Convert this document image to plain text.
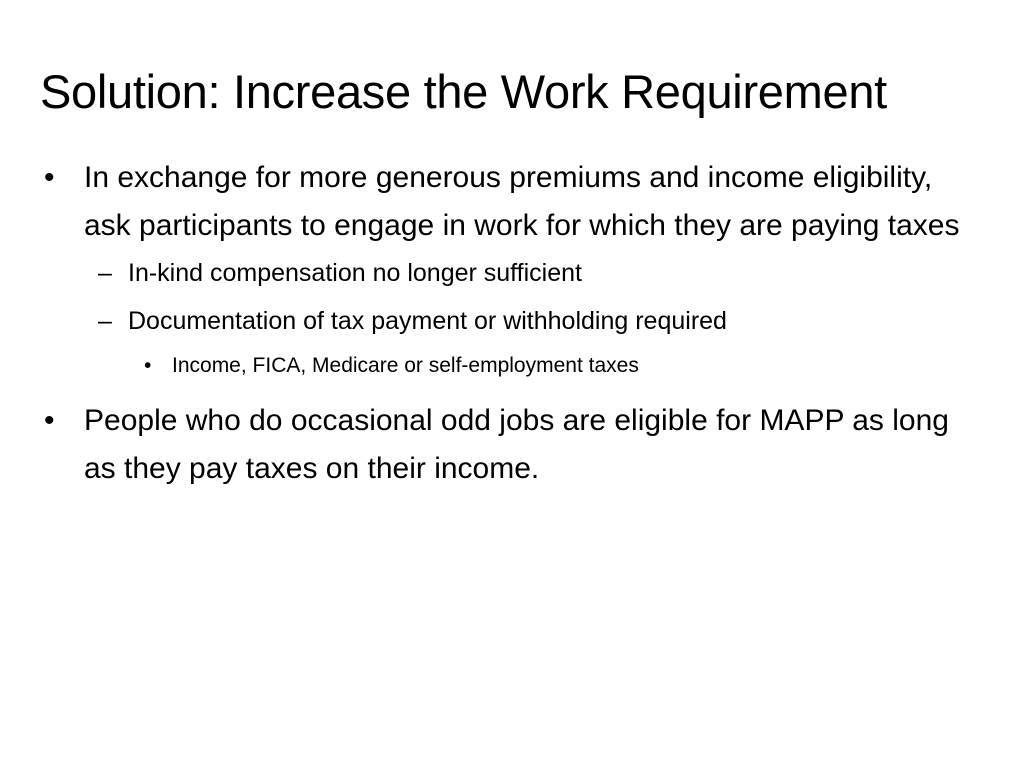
Solution: Increase the Work Requirement
• In exchange for more generous premiums and income eligibility, ask participants to engage in work for which they are paying taxes
– In-kind compensation no longer sufficient
– Documentation of tax payment or withholding required
• Income, FICA, Medicare or self-employment taxes
• People who do occasional odd jobs are eligible for MAPP as long as they pay taxes on their income.
